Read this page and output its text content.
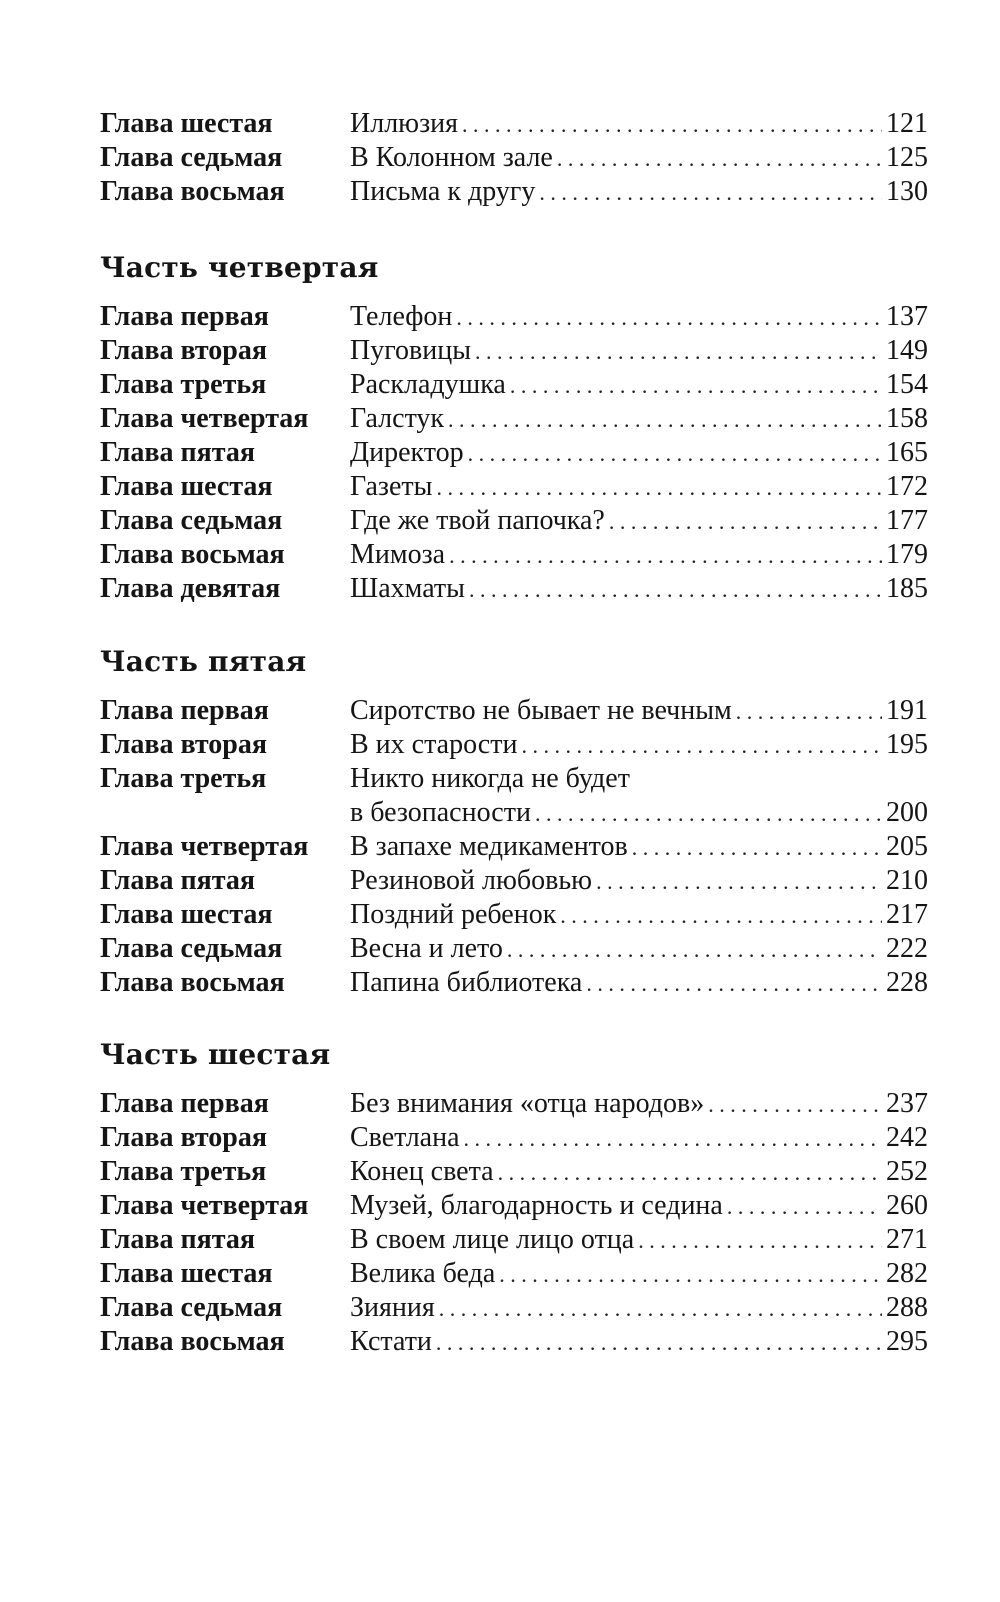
Глава шестая	Иллюзия . . .	121
Глава седьмая В Колонном зале . . .	125
Глава восьмая Письма к другу . . .	130
Часть четвертая
Глава первая	Телефон . . .	137
Глава вторая	Пуговицы . . .	149
Глава третья	Раскладушка . . .	154
Глава четвертая Галстук . . .	158
Глава пятая	Директор . . .	165
Глава шестая	Газеты . . .	172
Глава седьмая Где же твой папочка? . . .	177
Глава восьмая Мимоза . . .	179
Глава девятая Шахматы . . .	185
Часть пятая
Глава первая	Сиротство не бывает не вечным . . .	191
Глава вторая	В их старости . . .	195
Глава третья	Никто никогда не будет
в безопасности . . .	200
Глава четвертая В запахе медикаментов . . .	205
Глава пятая	Резиновой любовью . . .	210
Глава шестая	Поздний ребенок . . .	217
Глава седьмая Весна и лето . . .	222
Глава восьмая Папина библиотека . . .	228
Часть шестая
Глава первая	Без внимания «отца народов» . . .	237
Глава вторая	Светлана . . .	242
Глава третья	Конец света . . .	252
Глава четвертая Музей, благодарность и седина . . .	260
Глава пятая	В своем лице лицо отца . . .	271
Глава шестая	Велика беда . . .	282
Глава седьмая Зияния . . .	288
Глава восьмая Кстати . . .	295
